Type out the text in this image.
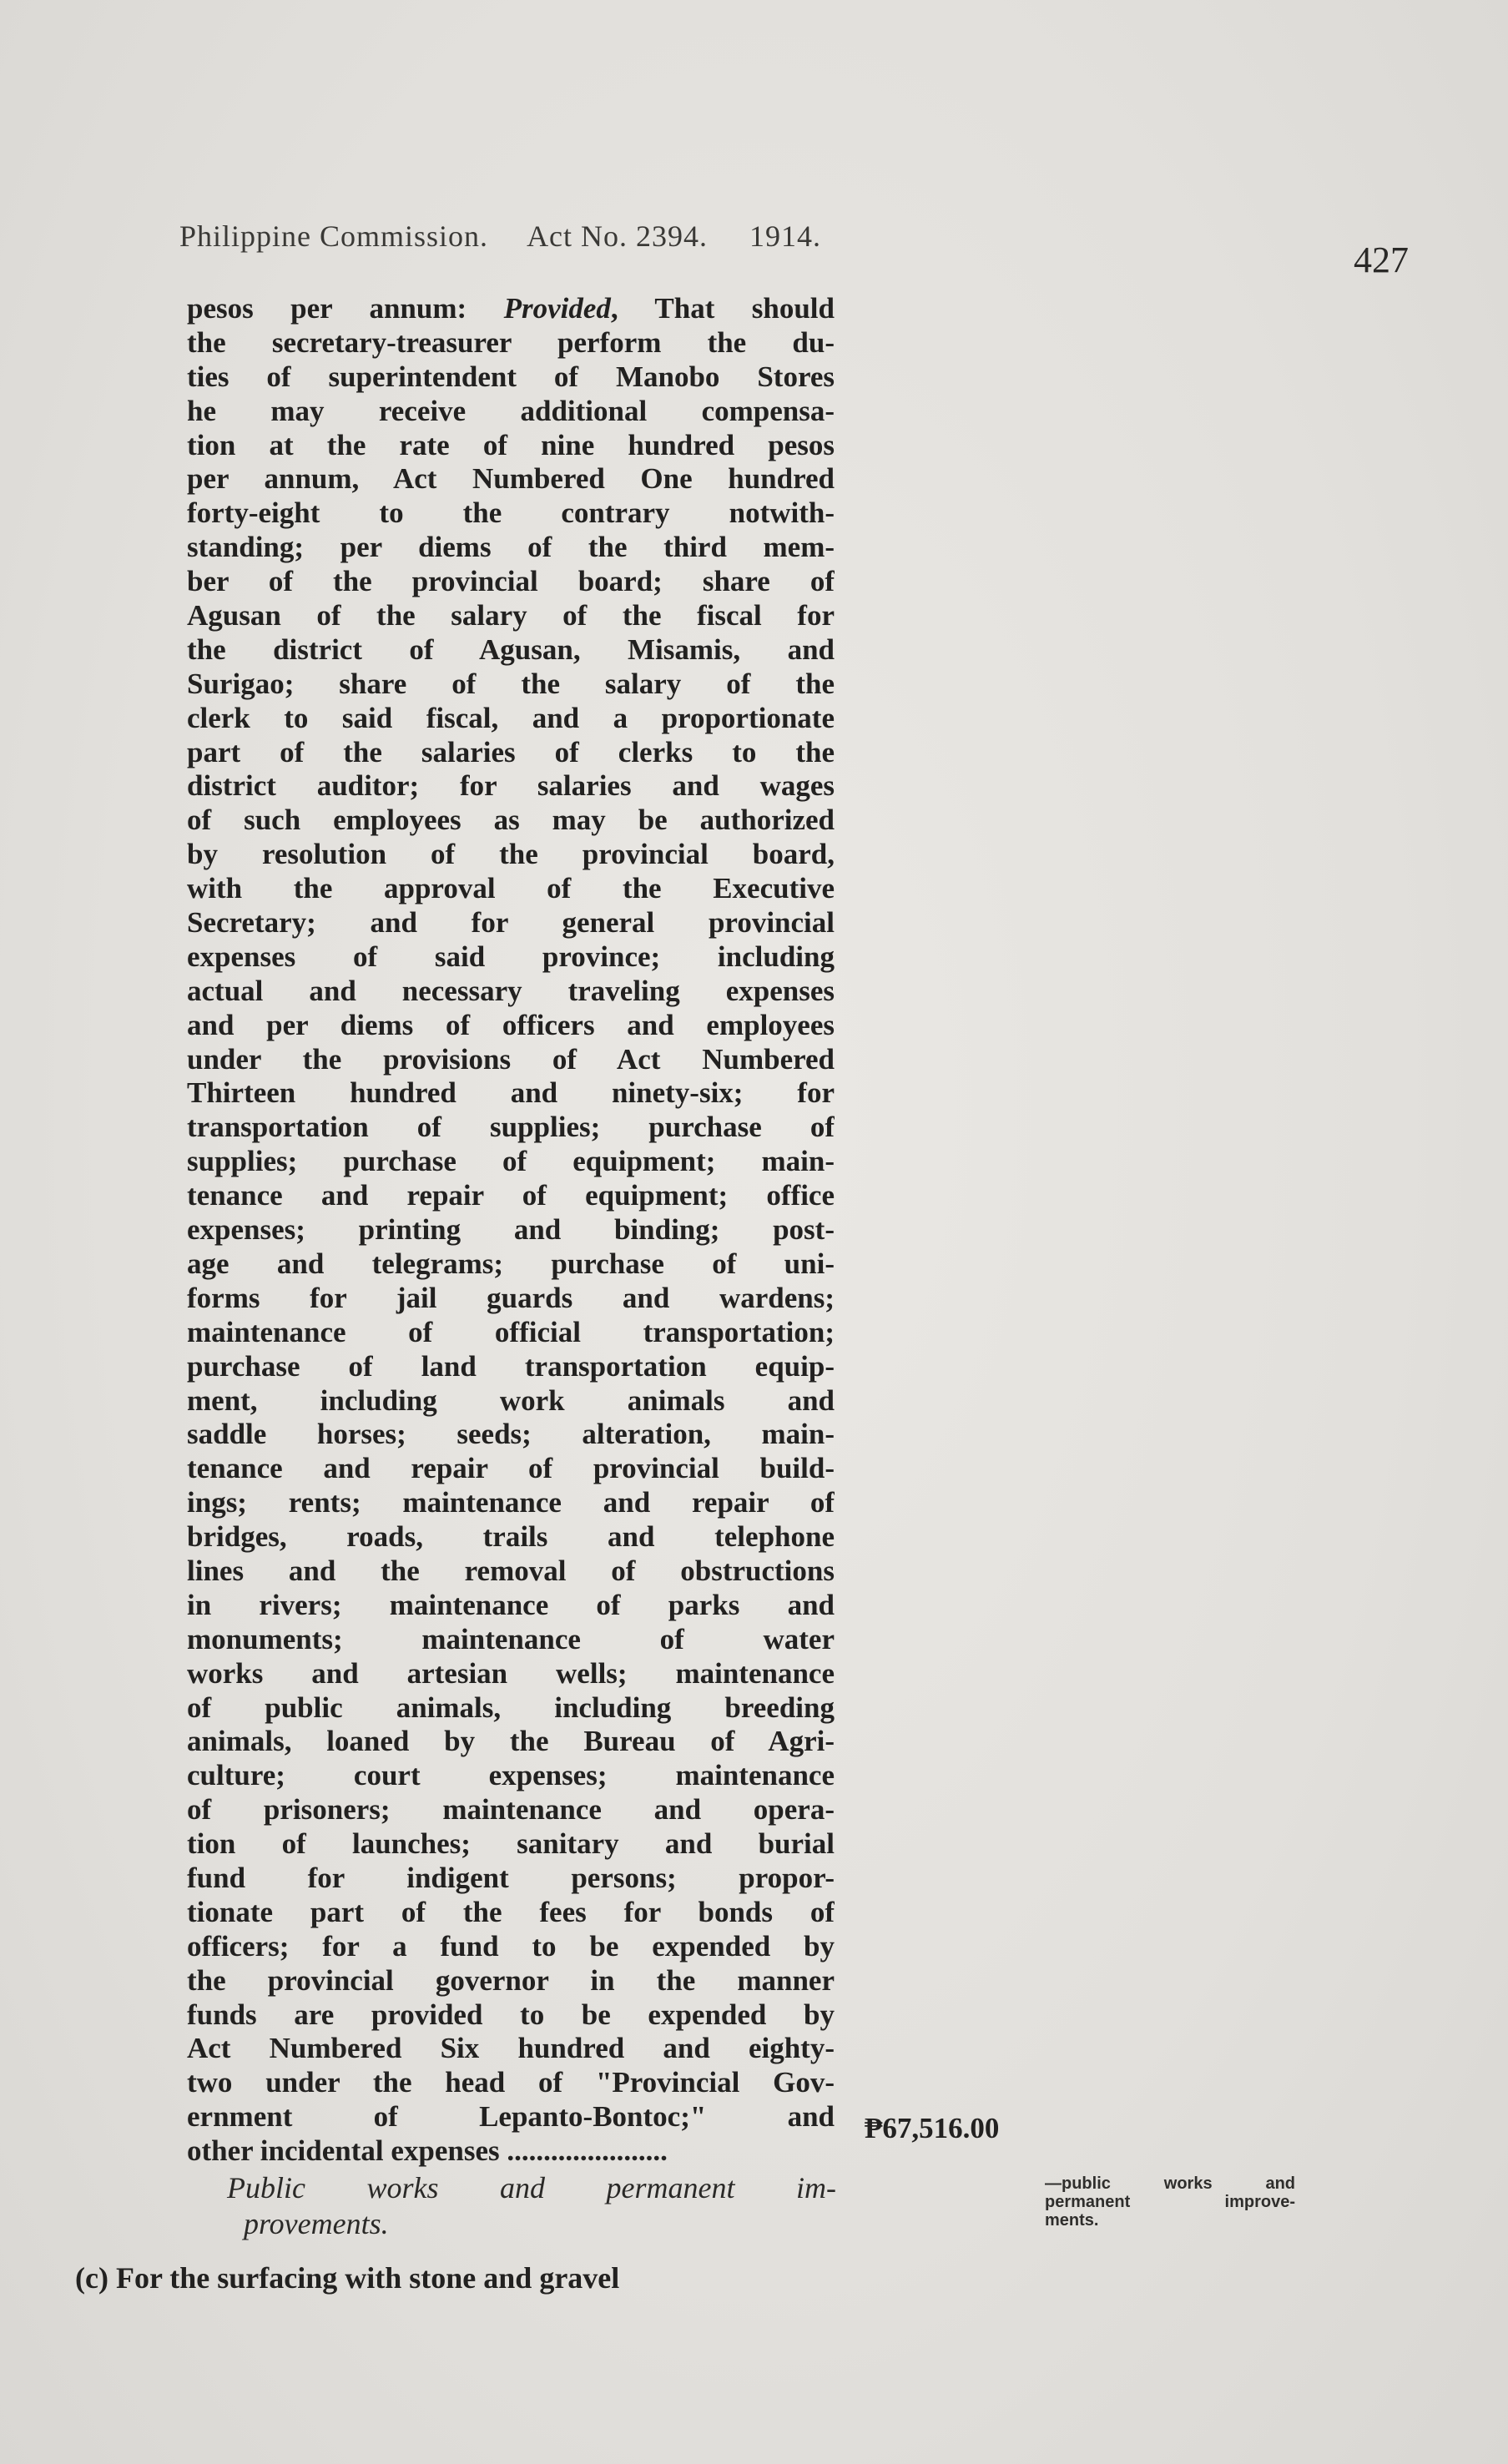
Philippine Commission. Act No. 2394. 1914.
427
pesos per annum: Provided, That should
the secretary-treasurer perform the du-
ties of superintendent of Manobo Stores
he may receive additional compensa-
tion at the rate of nine hundred pesos
per annum, Act Numbered One hundred
forty-eight to the contrary notwith-
standing; per diems of the third mem-
ber of the provincial board; share of
Agusan of the salary of the fiscal for
the district of Agusan, Misamis, and
Surigao; share of the salary of the
clerk to said fiscal, and a proportionate
part of the salaries of clerks to the
district auditor; for salaries and wages
of such employees as may be authorized
by resolution of the provincial board,
with the approval of the Executive
Secretary; and for general provincial
expenses of said province; including
actual and necessary traveling expenses
and per diems of officers and employees
under the provisions of Act Numbered
Thirteen hundred and ninety-six; for
transportation of supplies; purchase of
supplies; purchase of equipment; main-
tenance and repair of equipment; office
expenses; printing and binding; post-
age and telegrams; purchase of uni-
forms for jail guards and wardens;
maintenance of official transportation;
purchase of land transportation equip-
ment, including work animals and
saddle horses; seeds; alteration, main-
tenance and repair of provincial build-
ings; rents; maintenance and repair of
bridges, roads, trails and telephone
lines and the removal of obstructions
in rivers; maintenance of parks and
monuments; maintenance of water
works and artesian wells; maintenance
of public animals, including breeding
animals, loaned by the Bureau of Agri-
culture; court expenses; maintenance
of prisoners; maintenance and opera-
tion of launches; sanitary and burial
fund for indigent persons; propor-
tionate part of the fees for bonds of
officers; for a fund to be expended by
the provincial governor in the manner
funds are provided to be expended by
Act Numbered Six hundred and eighty-
two under the head of "Provincial Gov-
ernment of Lepanto-Bontoc;" and
other incidental expenses ......................
₱67,516.00
Public works and permanent im-
provements.
—public works and
permanent improve-
ments.
(c) For the surfacing with stone and gravel
